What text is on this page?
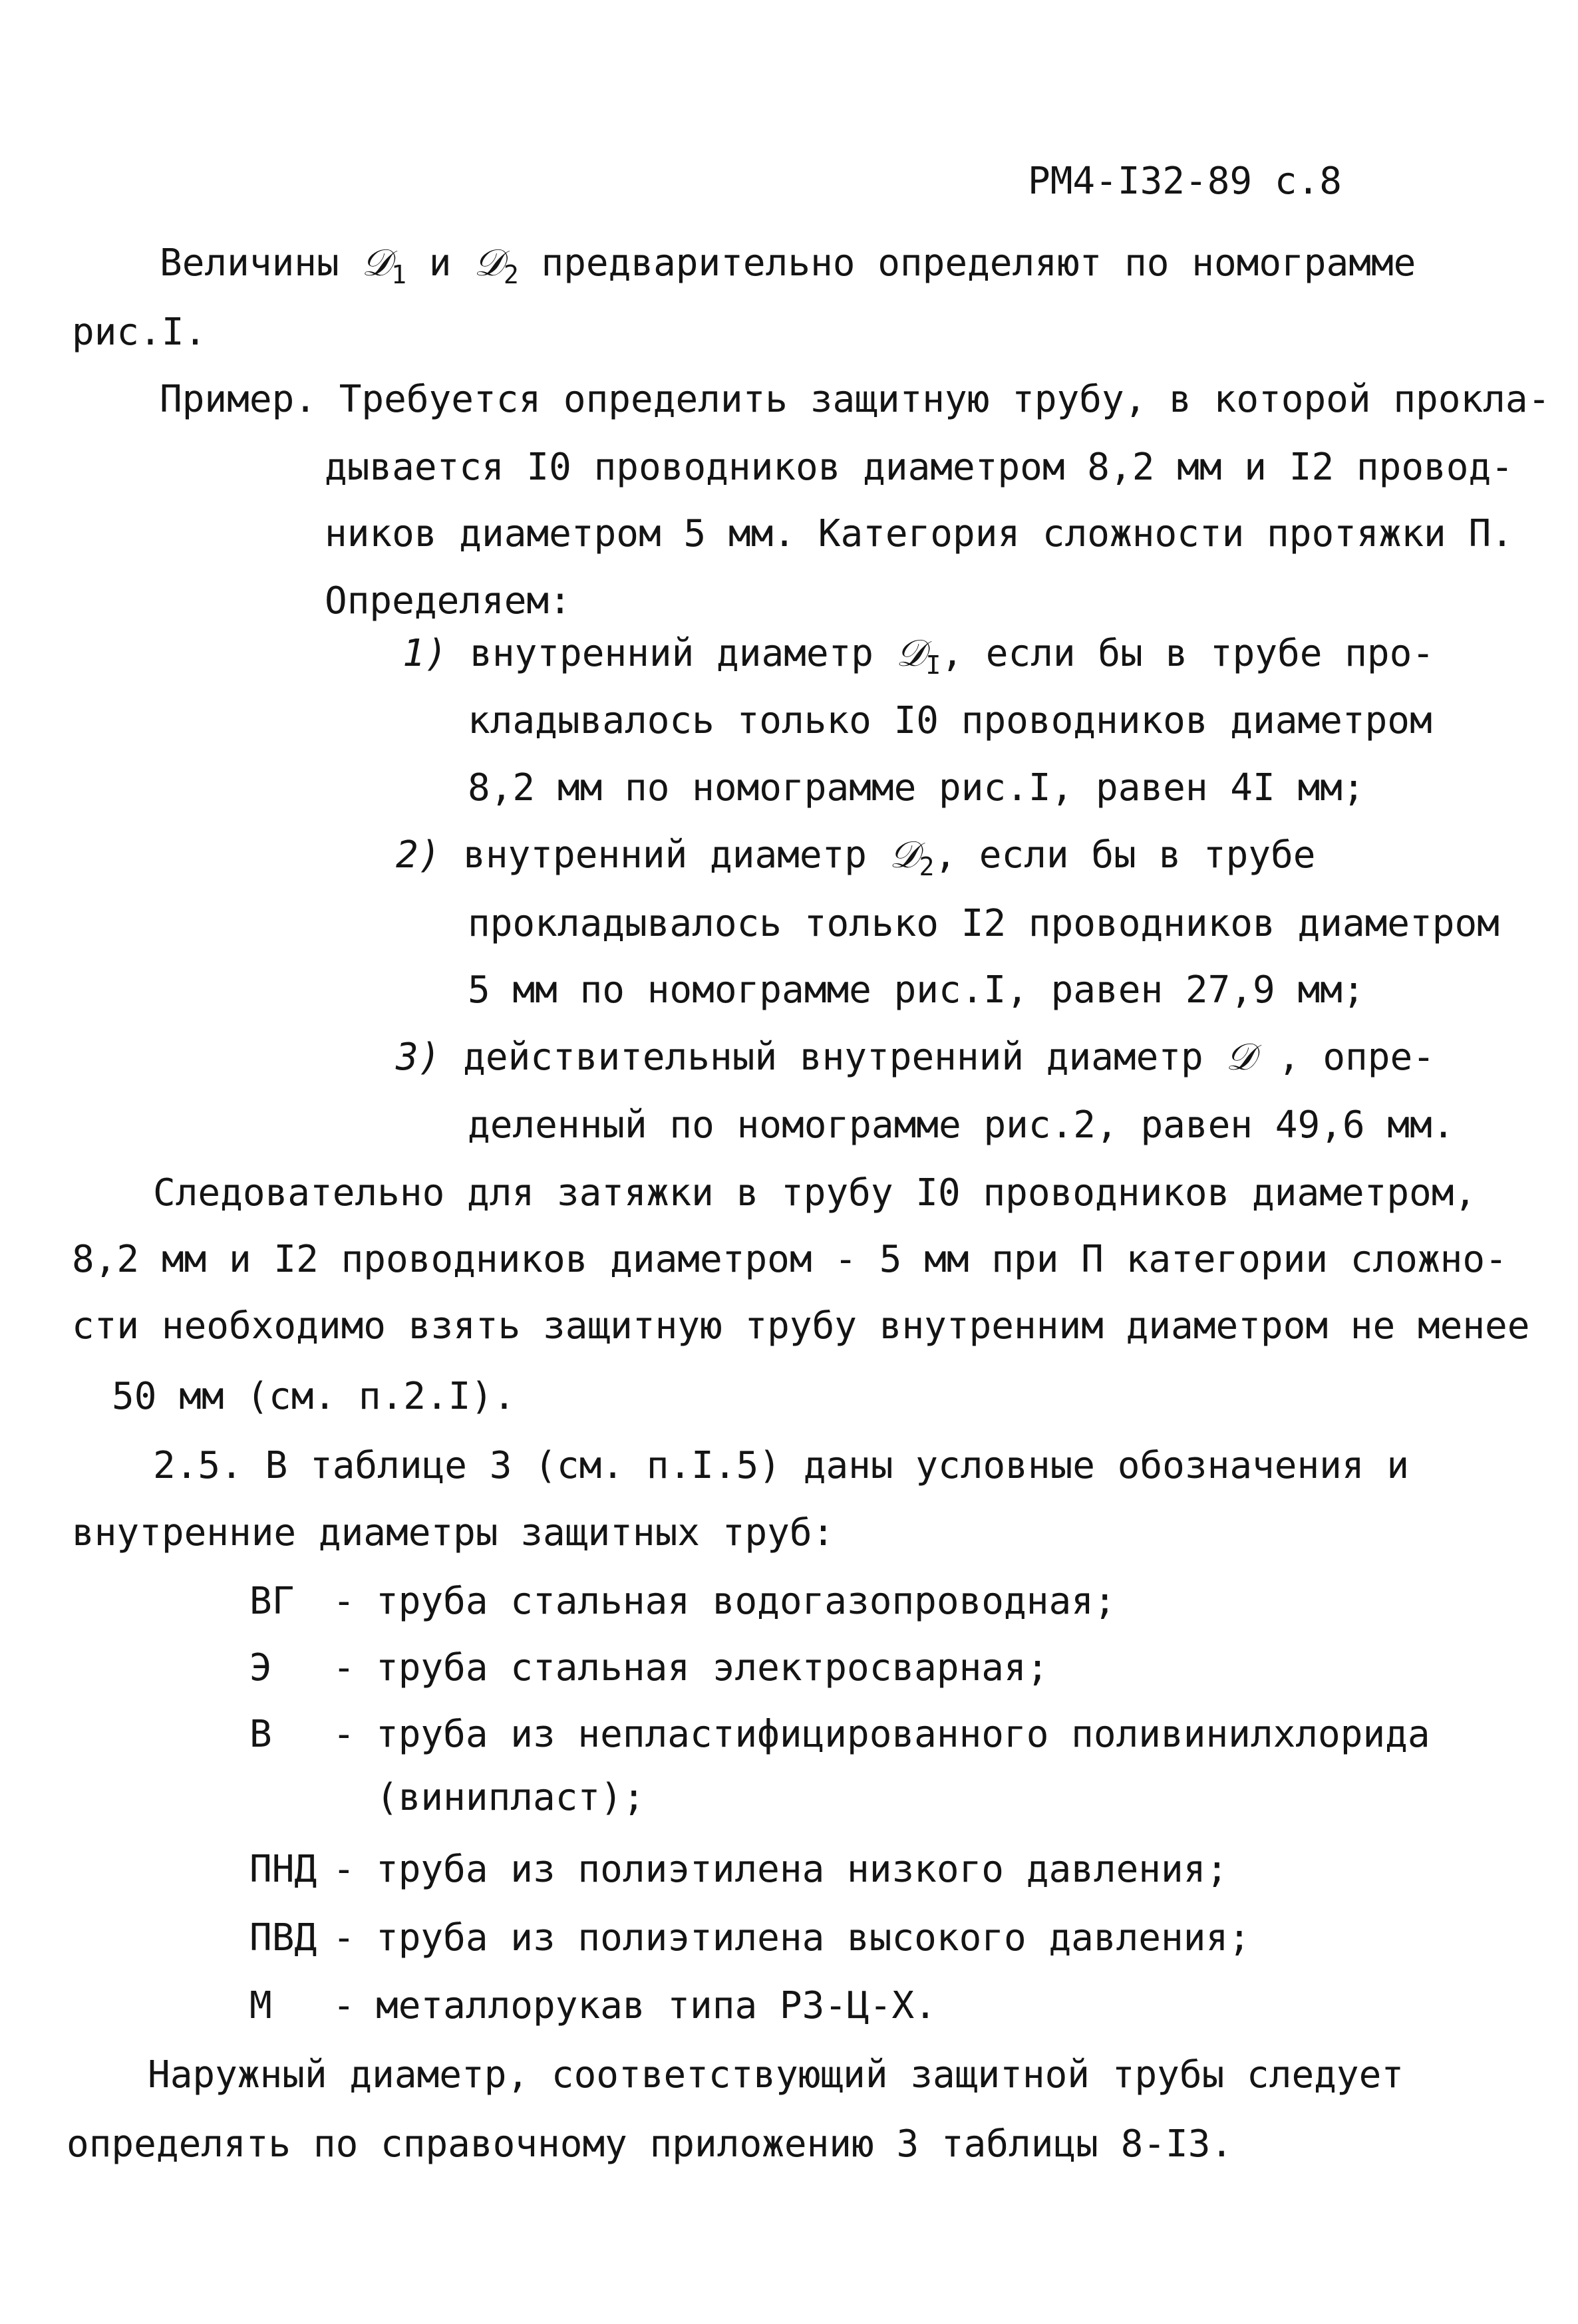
РМ4-I32-89 с.8
Величины 𝒟$_1$ и 𝒟$_2$ предварительно определяют по номограмме
рис.I.
Пример. Требуется определить защитную трубу, в которой прокла-
дывается I0 проводников диаметром 8,2 мм и I2 провод-
ников диаметром 5 мм. Категория сложности протяжки П.
Определяем:
1) внутренний диаметр 𝒟$_I$, если бы в трубе про-
кладывалось только I0 проводников диаметром
8,2 мм по номограмме рис.I, равен 4I мм;
2) внутренний диаметр 𝒟$_2$, если бы в трубе
прокладывалось только I2 проводников диаметром
5 мм по номограмме рис.I, равен 27,9 мм;
3) действительный внутренний диаметр 𝒟 , опре-
деленный по номограмме рис.2, равен 49,6 мм.
Следовательно для затяжки в трубу I0 проводников диаметром,
8,2 мм и I2 проводников диаметром - 5 мм при П категории сложно-
сти необходимо взять защитную трубу внутренним диаметром не менее
50 мм (см. п.2.I).
2.5. В таблице 3 (см. п.I.5) даны условные обозначения и
внутренние диаметры защитных труб:
ВГ - труба стальная водогазопроводная;
Э - труба стальная электросварная;
В - труба из непластифицированного поливинилхлорида
(винипласт);
ПНД - труба из полиэтилена низкого давления;
ПВД - труба из полиэтилена высокого давления;
М - металлорукав типа РЗ-Ц-Х.
Наружный диаметр, соответствующий защитной трубы следует
определять по справочному приложению 3 таблицы 8-I3.
